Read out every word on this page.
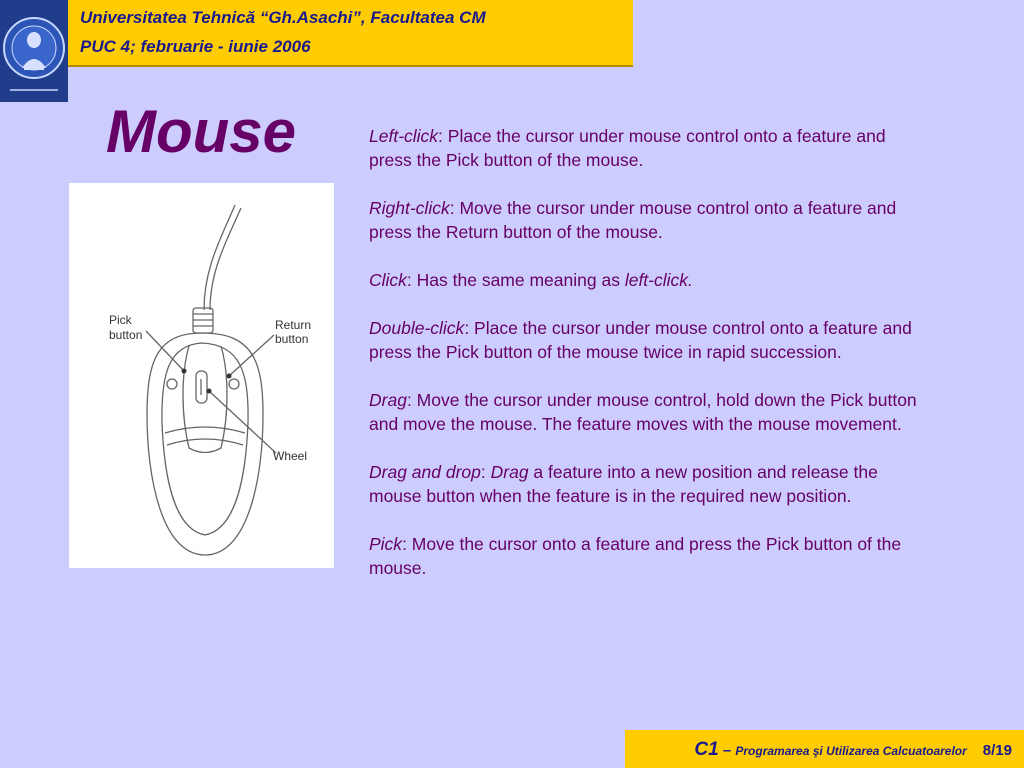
Universitatea Tehnică “Gh.Asachi”, Facultatea CM
PUC 4; februarie - iunie 2006
Mouse
Pick
button
Return
button
Wheel

Left-click: Place the cursor under mouse control onto a feature and press the Pick button of the mouse.

Right-click: Move the cursor under mouse control onto a feature and press the Return button of the mouse.

Click: Has the same meaning as left-click.

Double-click: Place the cursor under mouse control onto a feature and press the Pick button of the mouse twice in rapid succession.

Drag: Move the cursor under mouse control, hold down the Pick button and move the mouse. The feature moves with the mouse movement.

Drag and drop: Drag a feature into a new position and release the mouse button when the feature is in the required new position.

Pick: Move the cursor onto a feature and press the Pick button of the mouse.

C1 – Programarea şi Utilizarea Calcuatoarelor 8/19
